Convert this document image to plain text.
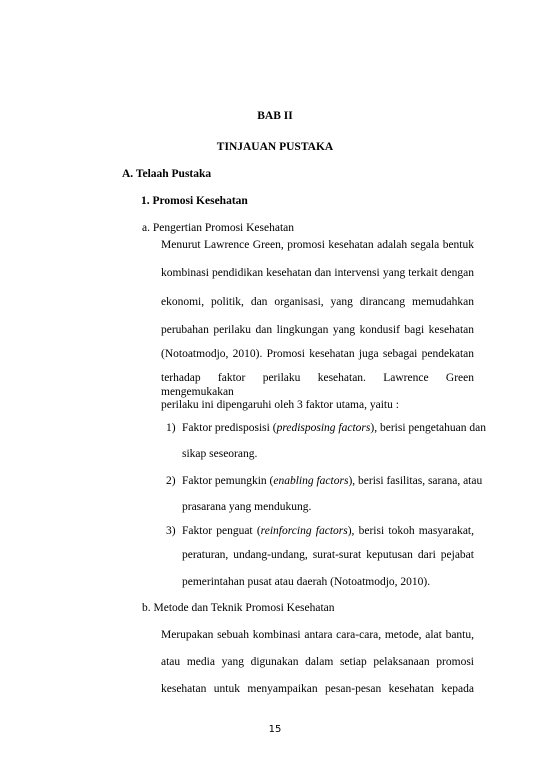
BAB II
TINJAUAN PUSTAKA
A. Telaah Pustaka
1. Promosi Kesehatan
a. Pengertian Promosi Kesehatan
Menurut Lawrence Green, promosi kesehatan adalah segala bentuk
kombinasi pendidikan kesehatan dan intervensi yang terkait dengan
ekonomi, politik, dan organisasi, yang dirancang memudahkan
perubahan perilaku dan lingkungan yang kondusif bagi kesehatan
(Notoatmodjo, 2010). Promosi kesehatan juga sebagai pendekatan
terhadap faktor perilaku kesehatan. Lawrence Green mengemukakan
perilaku ini dipengaruhi oleh 3 faktor utama, yaitu :
1) Faktor predisposisi (predisposing factors), berisi pengetahuan dan
sikap seseorang.
2) Faktor pemungkin (enabling factors), berisi fasilitas, sarana, atau
prasarana yang mendukung.
3) Faktor penguat (reinforcing factors), berisi tokoh masyarakat,
peraturan, undang-undang, surat-surat keputusan dari pejabat
pemerintahan pusat atau daerah (Notoatmodjo, 2010).
b. Metode dan Teknik Promosi Kesehatan
Merupakan sebuah kombinasi antara cara-cara, metode, alat bantu,
atau media yang digunakan dalam setiap pelaksanaan promosi
kesehatan untuk menyampaikan pesan-pesan kesehatan kepada
15
